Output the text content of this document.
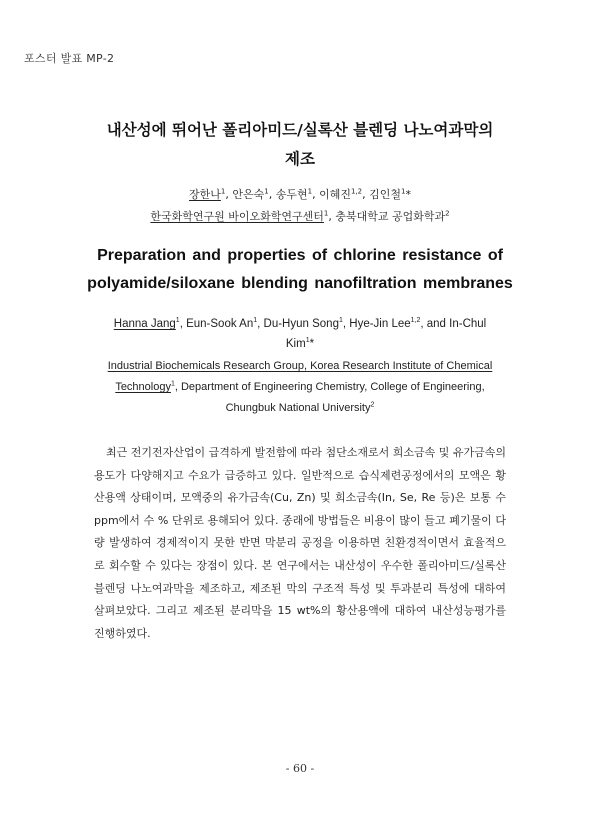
포스터 발표 MP-2
내산성에 뛰어난 폴리아미드/실록산 블렌딩 나노여과막의
제조
장한나$^1$, 안은숙$^1$, 송두현$^1$, 이혜진$^{1,2}$, 김인철$^1$*
한국화학연구원 바이오화학연구센터$^1$, 충북대학교 공업화학과$^2$
Preparation and properties of chlorine resistance of
polyamide/siloxane blending nanofiltration membranes
Hanna Jang$^1$, Eun-Sook An$^1$, Du-Hyun Song$^1$, Hye-Jin Lee$^{1,2}$, and In-Chul
Kim$^1$*
Industrial Biochemicals Research Group, Korea Research Institute of Chemical
Technology$^1$, Department of Engineering Chemistry, College of Engineering,
Chungbuk National University$^2$

최근 전기전자산업이 급격하게 발전함에 따라 첨단소재로서 희소금속 및 유가금속의 용도가 다양해지고 수요가 급증하고 있다. 일반적으로 습식제련공정에서의 모액은 황산용액 상태이며, 모액중의 유가금속(Cu, Zn) 및 희소금속(In, Se, Re 등)은 보통 수 ppm에서 수 % 단위로 용해되어 있다. 종래에 방법들은 비용이 많이 들고 폐기물이 다량 발생하여 경제적이지 못한 반면 막분리 공정을 이용하면 친환경적이면서 효율적으로 회수할 수 있다는 장점이 있다. 본 연구에서는 내산성이 우수한 폴리아미드/실록산 블렌딩 나노여과막을 제조하고, 제조된 막의 구조적 특성 및 투과분리 특성에 대하여 살펴보았다. 그리고 제조된 분리막을 15 wt%의 황산용액에 대하여 내산성능평가를 진행하였다.

- 60 -
